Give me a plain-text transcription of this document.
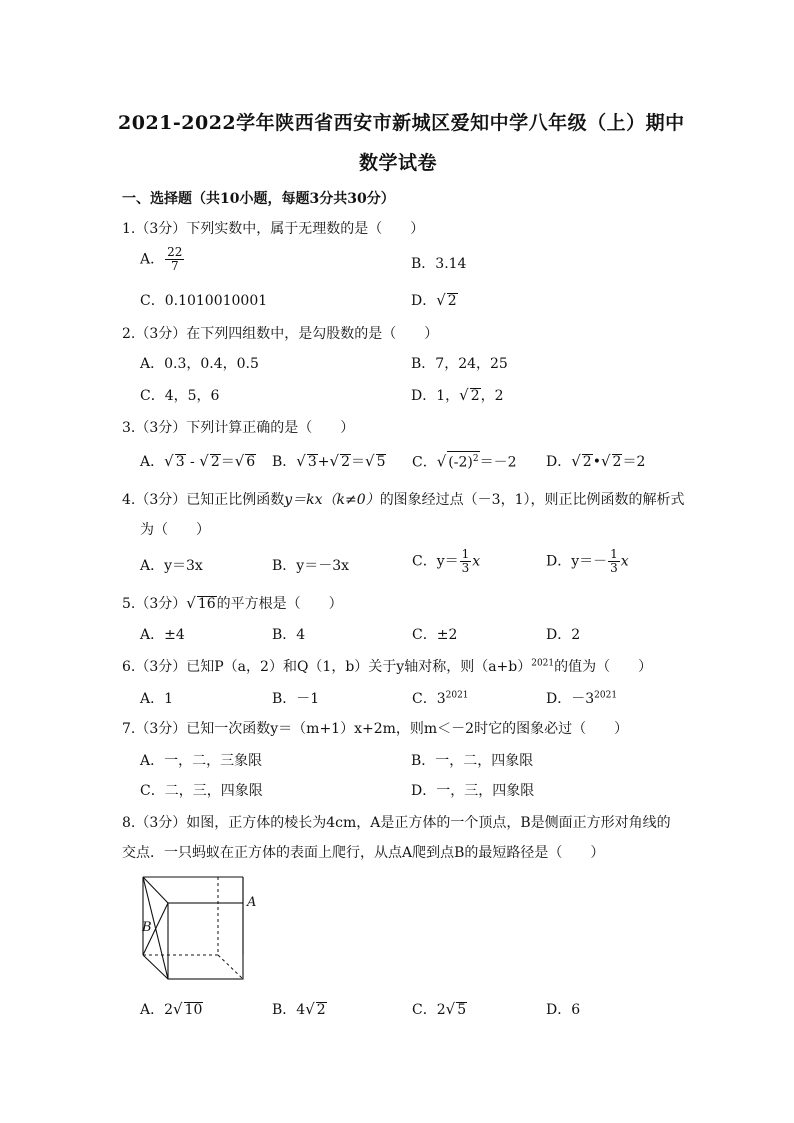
2021-2022学年陕西省西安市新城区爱知中学八年级（上）期中
数学试卷
一、选择题（共10小题，每题3分共30分）
1.（3分）下列实数中，属于无理数的是（　　）
A． $\frac{22}{7}$	B．3.14
C．0.1010010001	D．√ 2
2.（3分）在下列四组数中，是勾股数的是（　　）
A．0.3，0.4，0.5	B．7，24，25
C．4，5，6	D．1，√ 2，2
3.（3分）下列计算正确的是（　　）
A．√ 3 - √ 2＝√ 6 B．√ 3+√ 2＝√ 5 C．√ $(-2)^2=-2$ D．√ 2•√ 2＝2
4.（3分）已知正比例函数y＝kx（k≠0）的图象经过点（－3，1），则正比例函数的解析式
为（　　）
A．y＝3x	B．y＝－3x	C．$y= \frac{1}{3}$ x	D．$y=- \frac{1}{3}$ x
5.（3分）√ 16的平方根是（　　）
A．±4	B．4	C．±2	D．2
6.（3分）已知P（a，2）和Q（1，b）关于y轴对称，则$(a+b)^{2021}$的值为（　　）
A．1	B．－1	C．$3^{2021}$	D．$-3^{2021}$
7.（3分）已知一次函数y＝（m+1）x+2m，则m＜－2时它的图象必过（　　）
A．一，二，三象限	B．一，二，四象限
C．二，三，四象限	D．一，三，四象限
8.（3分）如图，正方体的棱长为4cm，A是正方体的一个顶点，B是侧面正方形对角线的
交点．一只蚂蚁在正方体的表面上爬行，从点A爬到点B的最短路径是（　　）
A
B
A．2√ 10	B．4√ 2	C．2√ 5	D．6
